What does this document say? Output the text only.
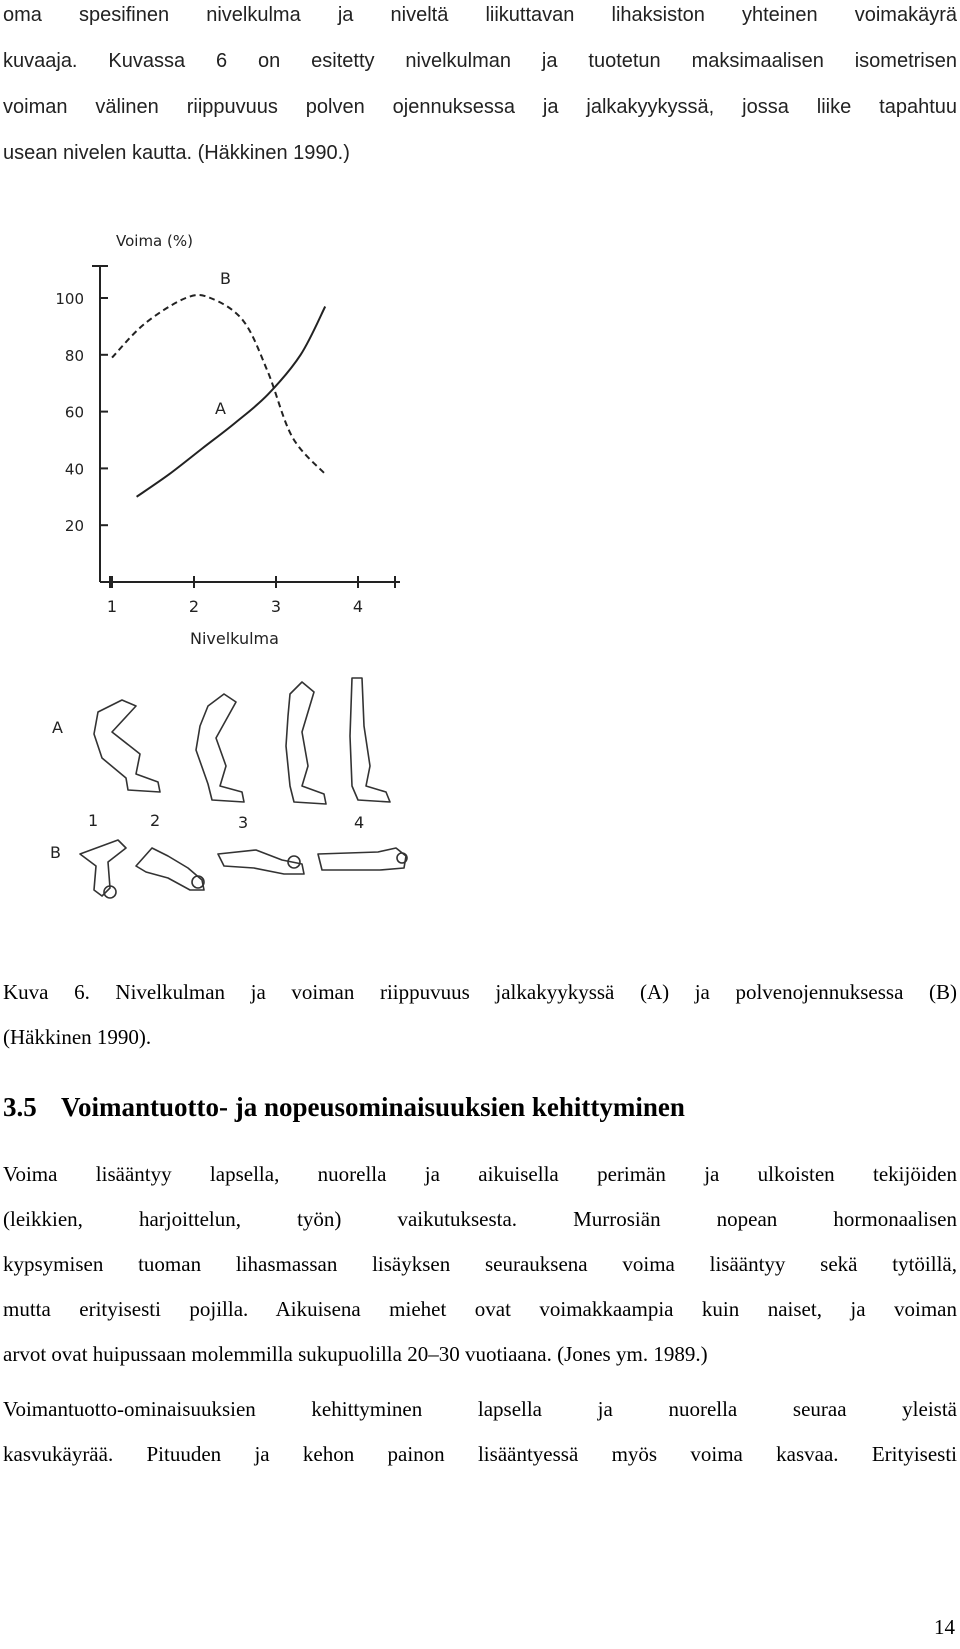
oma spesifinen nivelkulma ja niveltä liikuttavan lihaksiston yhteinen voimakäyrä
kuvaaja. Kuvassa 6 on esitetty nivelkulman ja tuotetun maksimaalisen isometrisen
voiman välinen riippuvuus polven ojennuksessa ja jalkakyykyssä, jossa liike tapahtuu
usean nivelen kautta. (Häkkinen 1990.)
Voima (%)
100
80
60
40
20
1	2	3	4
Nivelkulma
A
B
A
B
1	2	3	4
Kuva 6. Nivelkulman ja voiman riippuvuus jalkakyykyssä (A) ja polvenojennuksessa (B)
(Häkkinen 1990).
3.5 Voimantuotto- ja nopeusominaisuuksien kehittyminen
Voima lisääntyy lapsella, nuorella ja aikuisella perimän ja ulkoisten tekijöiden
(leikkien, harjoittelun, työn) vaikutuksesta. Murrosiän nopean hormonaalisen
kypsymisen tuoman lihasmassan lisäyksen seurauksena voima lisääntyy sekä tytöillä,
mutta erityisesti pojilla. Aikuisena miehet ovat voimakkaampia kuin naiset, ja voiman
arvot ovat huipussaan molemmilla sukupuolilla 20–30 vuotiaana. (Jones ym. 1989.)
Voimantuotto-ominaisuuksien kehittyminen lapsella ja nuorella seuraa yleistä
kasvukäyrää. Pituuden ja kehon painon lisääntyessä myös voima kasvaa. Erityisesti
14
